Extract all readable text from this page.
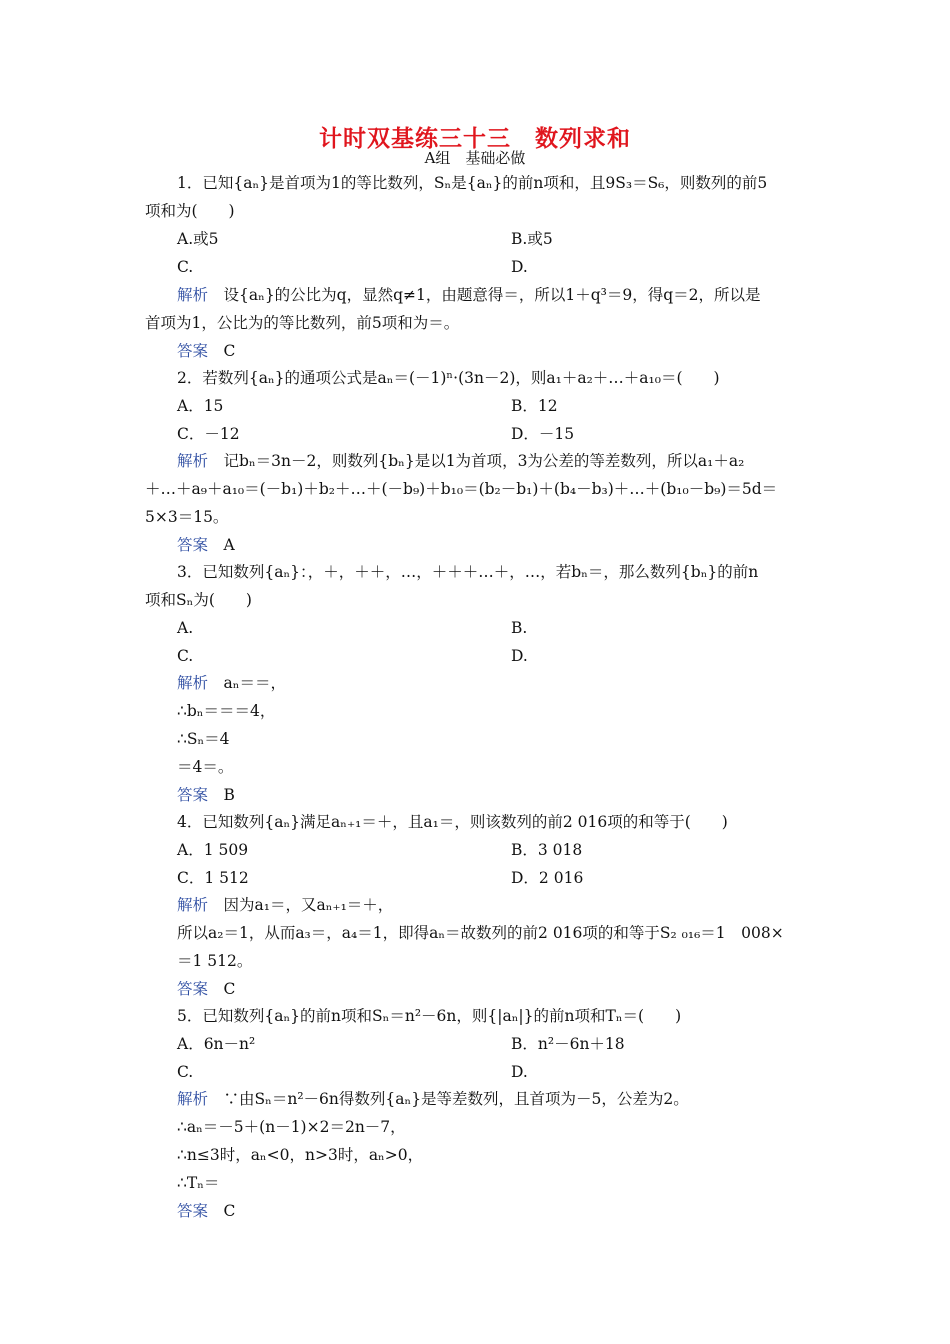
计时双基练三十三　数列求和
A组　基础必做
1．已知{aₙ}是首项为1的等比数列，Sₙ是{aₙ}的前n项和，且9S₃＝S₆，则数列的前5
项和为(　　)
A.或5	B.或5
C.	D.
解析　设{aₙ}的公比为q，显然q≠1，由题意得＝，所以1＋q³＝9，得q＝2，所以是
首项为1，公比为的等比数列，前5项和为＝。
答案　C
2．若数列{aₙ}的通项公式是aₙ＝(－1)ⁿ·(3n－2)，则a₁＋a₂＋…＋a₁₀＝(　　)
A．15	B．12
C．－12	D．－15
解析　记bₙ＝3n－2，则数列{bₙ}是以1为首项，3为公差的等差数列，所以a₁＋a₂
＋…＋a₉＋a₁₀＝(－b₁)＋b₂＋…＋(－b₉)＋b₁₀＝(b₂－b₁)＋(b₄－b₃)＋…＋(b₁₀－b₉)＝5d＝
5×3＝15。
答案　A
3．已知数列{aₙ}：，＋，＋＋，…，＋＋＋…＋，…，若bₙ＝，那么数列{bₙ}的前n
项和Sₙ为(　　)
A.	B.
C.	D.
解析　aₙ＝＝，
∴bₙ＝＝＝4，
∴Sₙ＝4
＝4＝。
答案　B
4．已知数列{aₙ}满足aₙ₊₁＝＋，且a₁＝，则该数列的前2 016项的和等于(　　)
A．1 509	B．3 018
C．1 512	D．2 016
解析　因为a₁＝，又aₙ₊₁＝＋，
所以a₂＝1，从而a₃＝，a₄＝1，即得aₙ＝故数列的前2 016项的和等于S₂ ₀₁₆＝1　008×
＝1 512。
答案　C
5．已知数列{aₙ}的前n项和Sₙ＝n²－6n，则{|aₙ|}的前n项和Tₙ＝(　　)
A．6n－n²	B．n²－6n＋18
C.	D.
解析　∵由Sₙ＝n²－6n得数列{aₙ}是等差数列，且首项为－5，公差为2。
∴aₙ＝－5＋(n－1)×2＝2n－7，
∴n≤3时，aₙ<0，n>3时，aₙ>0，
∴Tₙ＝
答案　C
